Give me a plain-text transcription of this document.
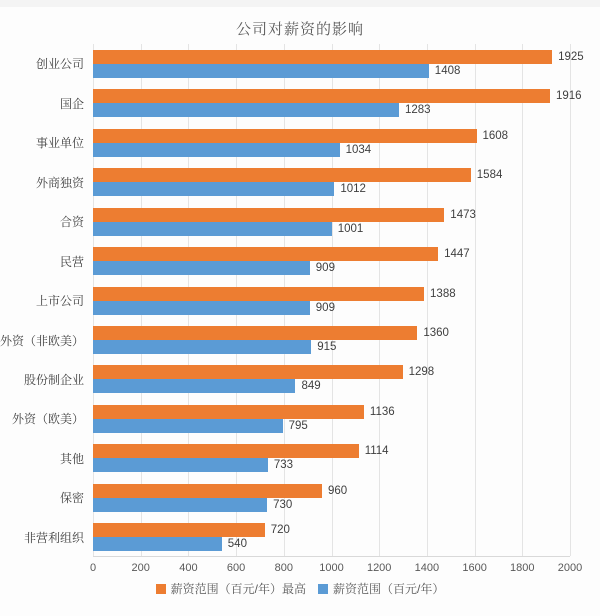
公司对薪资的影响
创业公司
1925
1408
国企
1916
1283
事业单位
1608
1034
外商独资
1584
1012
合资
1473
1001
民营
1447
909
上市公司
1388
909
外资（非欧美）
1360
915
股份制企业
1298
849
外资（欧美）
1136
795
其他
1114
733
保密
960
730
非营利组织
720
540
0	200	400	600	800 1000 1200 1400 1600 1800 2000
薪资范围（百元/年）最高 薪资范围（百元/年）
